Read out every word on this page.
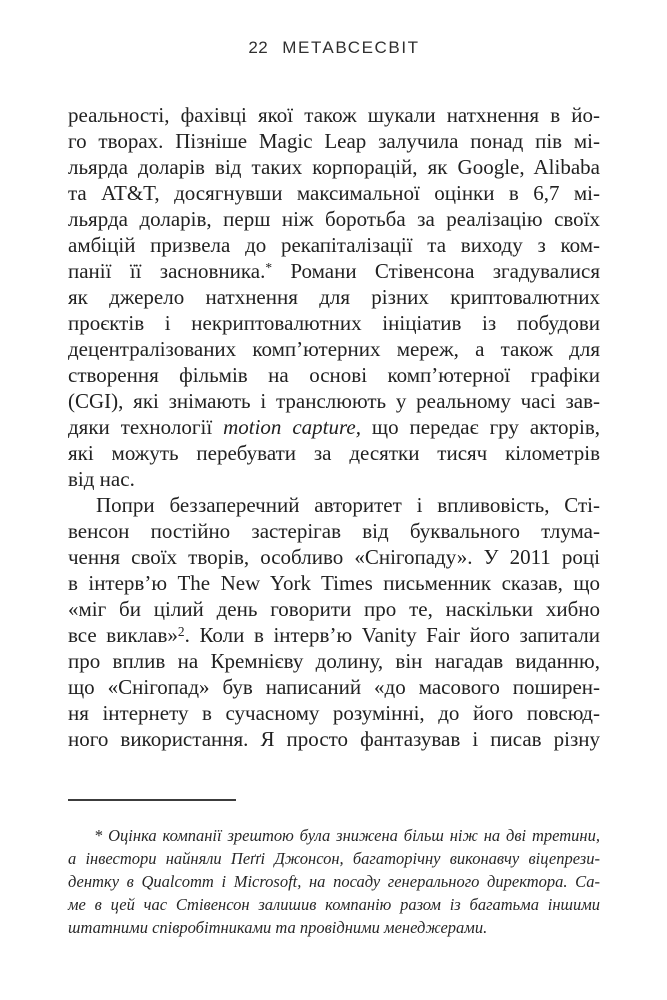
22 МЕТАВСЕСВІТ
реальності, фахівці якої також шукали натхнення в йо-
го творах. Пізніше Magic Leap залучила понад пів мі-
льярда доларів від таких корпорацій, як Google, Alibaba
та AT&T, досягнувши максимальної оцінки в 6,7 мі-
льярда доларів, перш ніж боротьба за реалізацію своїх
амбіцій призвела до рекапіталізації та виходу з ком-
панії її засновника.* Романи Стівенсона згадувалися
як джерело натхнення для різних криптовалютних
проєктів і некриптовалютних ініціатив із побудови
децентралізованих комп’ютерних мереж, а також для
створення фільмів на основі комп’ютерної графіки
(CGI), які знімають і транслюють у реальному часі зав-
дяки технології motion capture, що передає гру акторів,
які можуть перебувати за десятки тисяч кілометрів
від нас.
Попри беззаперечний авторитет і впливовість, Сті-
венсон постійно застерігав від буквального тлума-
чення своїх творів, особливо «Снігопаду». У 2011 році
в інтерв’ю The New York Times письменник сказав, що
«міг би цілий день говорити про те, наскільки хибно
все виклав»$^2$. Коли в інтерв’ю Vanity Fair його запитали
про вплив на Кремнієву долину, він нагадав виданню,
що «Снігопад» був написаний «до масового поширен-
ня інтернету в сучасному розумінні, до його повсюд-
ного використання. Я просто фантазував і писав різну
* Оцінка компанії зрештою була знижена більш ніж на дві третини,
а інвестори найняли Пеґґі Джонсон, багаторічну виконавчу віцепрези-
дентку в Qualcomm і Microsoft, на посаду генерального директора. Са-
ме в цей час Стівенсон залишив компанію разом із багатьма іншими
штатними співробітниками та провідними менеджерами.
